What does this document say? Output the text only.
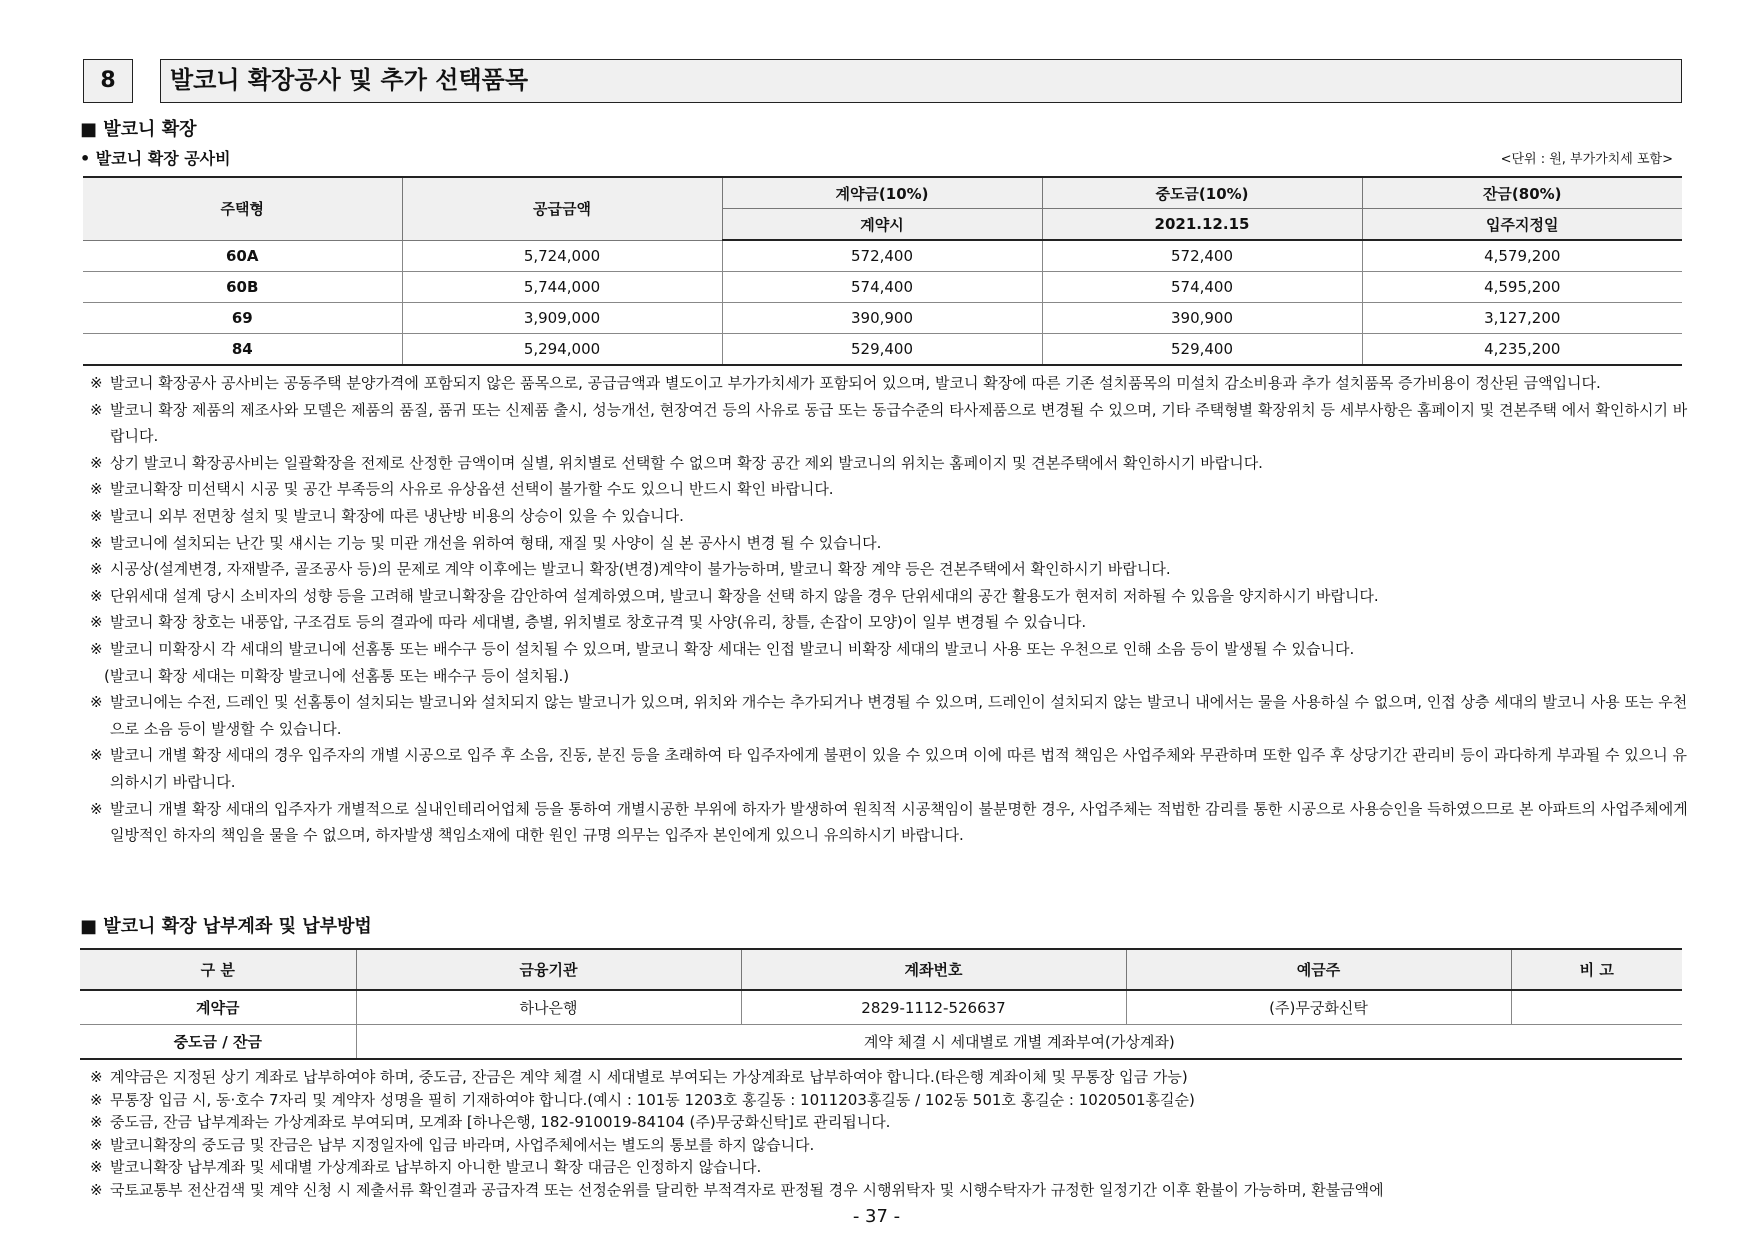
8	발코니 확장공사 및 추가 선택품목
■ 발코니 확장
• 발코니 확장 공사비	<단위 : 원, 부가가치세 포함>
주택형	공급금액	계약금(10%)	중도금(10%)	잔금(80%)
		계약시	2021.12.15	입주지정일
60A	5,724,000	572,400	572,400	4,579,200
60B	5,744,000	574,400	574,400	4,595,200
69	3,909,000	390,900	390,900	3,127,200
84	5,294,000	529,400	529,400	4,235,200
※ 발코니 확장공사 공사비는 공동주택 분양가격에 포함되지 않은 품목으로, 공급금액과 별도이고 부가가치세가 포함되어 있으며, 발코니 확장에 따른 기존 설치품목의 미설치 감소비용과 추가 설치품목 증가비용이 정산된 금액입니다.
※ 발코니 확장 제품의 제조사와 모델은 제품의 품질, 품귀 또는 신제품 출시, 성능개선, 현장여건 등의 사유로 동급 또는 동급수준의 타사제품으로 변경될 수 있으며, 기타 주택형별 확장위치 등 세부사항은 홈페이지 및 견본주택 에서 확인하시기 바랍니다.
※ 상기 발코니 확장공사비는 일괄확장을 전제로 산정한 금액이며 실별, 위치별로 선택할 수 없으며 확장 공간 제외 발코니의 위치는 홈페이지 및 견본주택에서 확인하시기 바랍니다.
※ 발코니확장 미선택시 시공 및 공간 부족등의 사유로 유상옵션 선택이 불가할 수도 있으니 반드시 확인 바랍니다.
※ 발코니 외부 전면창 설치 및 발코니 확장에 따른 냉난방 비용의 상승이 있을 수 있습니다.
※ 발코니에 설치되는 난간 및 섀시는 기능 및 미관 개선을 위하여 형태, 재질 및 사양이 실 본 공사시 변경 될 수 있습니다.
※ 시공상(설계변경, 자재발주, 골조공사 등)의 문제로 계약 이후에는 발코니 확장(변경)계약이 불가능하며, 발코니 확장 계약 등은 견본주택에서 확인하시기 바랍니다.
※ 단위세대 설계 당시 소비자의 성향 등을 고려해 발코니확장을 감안하여 설계하였으며, 발코니 확장을 선택 하지 않을 경우 단위세대의 공간 활용도가 현저히 저하될 수 있음을 양지하시기 바랍니다.
※ 발코니 확장 창호는 내풍압, 구조검토 등의 결과에 따라 세대별, 층별, 위치별로 창호규격 및 사양(유리, 창틀, 손잡이 모양)이 일부 변경될 수 있습니다.
※ 발코니 미확장시 각 세대의 발코니에 선홈통 또는 배수구 등이 설치될 수 있으며, 발코니 확장 세대는 인접 발코니 비확장 세대의 발코니 사용 또는 우천으로 인해 소음 등이 발생될 수 있습니다.
(발코니 확장 세대는 미확장 발코니에 선홈통 또는 배수구 등이 설치됨.)
※ 발코니에는 수전, 드레인 및 선홈통이 설치되는 발코니와 설치되지 않는 발코니가 있으며, 위치와 개수는 추가되거나 변경될 수 있으며, 드레인이 설치되지 않는 발코니 내에서는 물을 사용하실 수 없으며, 인접 상층 세대의 발코니 사용 또는 우천으로 소음 등이 발생할 수 있습니다.
※ 발코니 개별 확장 세대의 경우 입주자의 개별 시공으로 입주 후 소음, 진동, 분진 등을 초래하여 타 입주자에게 불편이 있을 수 있으며 이에 따른 법적 책임은 사업주체와 무관하며 또한 입주 후 상당기간 관리비 등이 과다하게 부과될 수 있으니 유의하시기 바랍니다.
※ 발코니 개별 확장 세대의 입주자가 개별적으로 실내인테리어업체 등을 통하여 개별시공한 부위에 하자가 발생하여 원칙적 시공책임이 불분명한 경우, 사업주체는 적법한 감리를 통한 시공으로 사용승인을 득하였으므로 본 아파트의 사업주체에게 일방적인 하자의 책임을 물을 수 없으며, 하자발생 책임소재에 대한 원인 규명 의무는 입주자 본인에게 있으니 유의하시기 바랍니다.
■ 발코니 확장 납부계좌 및 납부방법
구 분	금융기관	계좌번호	예금주	비 고
계약금	하나은행	2829-1112-526637	(주)무궁화신탁	
중도금 / 잔금	계약 체결 시 세대별로 개별 계좌부여(가상계좌)			
※ 계약금은 지정된 상기 계좌로 납부하여야 하며, 중도금, 잔금은 계약 체결 시 세대별로 부여되는 가상계좌로 납부하여야 합니다.(타은행 계좌이체 및 무통장 입금 가능)
※ 무통장 입금 시, 동·호수 7자리 및 계약자 성명을 필히 기재하여야 합니다.(예시 : 101동 1203호 홍길동 : 1011203홍길동 / 102동 501호 홍길순 : 1020501홍길순)
※ 중도금, 잔금 납부계좌는 가상계좌로 부여되며, 모계좌 [하나은행, 182-910019-84104 (주)무궁화신탁]로 관리됩니다.
※ 발코니확장의 중도금 및 잔금은 납부 지정일자에 입금 바라며, 사업주체에서는 별도의 통보를 하지 않습니다.
※ 발코니확장 납부계좌 및 세대별 가상계좌로 납부하지 아니한 발코니 확장 대금은 인정하지 않습니다.
※ 국토교통부 전산검색 및 계약 신청 시 제출서류 확인결과 공급자격 또는 선정순위를 달리한 부적격자로 판정될 경우 시행위탁자 및 시행수탁자가 규정한 일정기간 이후 환불이 가능하며, 환불금액에
- 37 -
